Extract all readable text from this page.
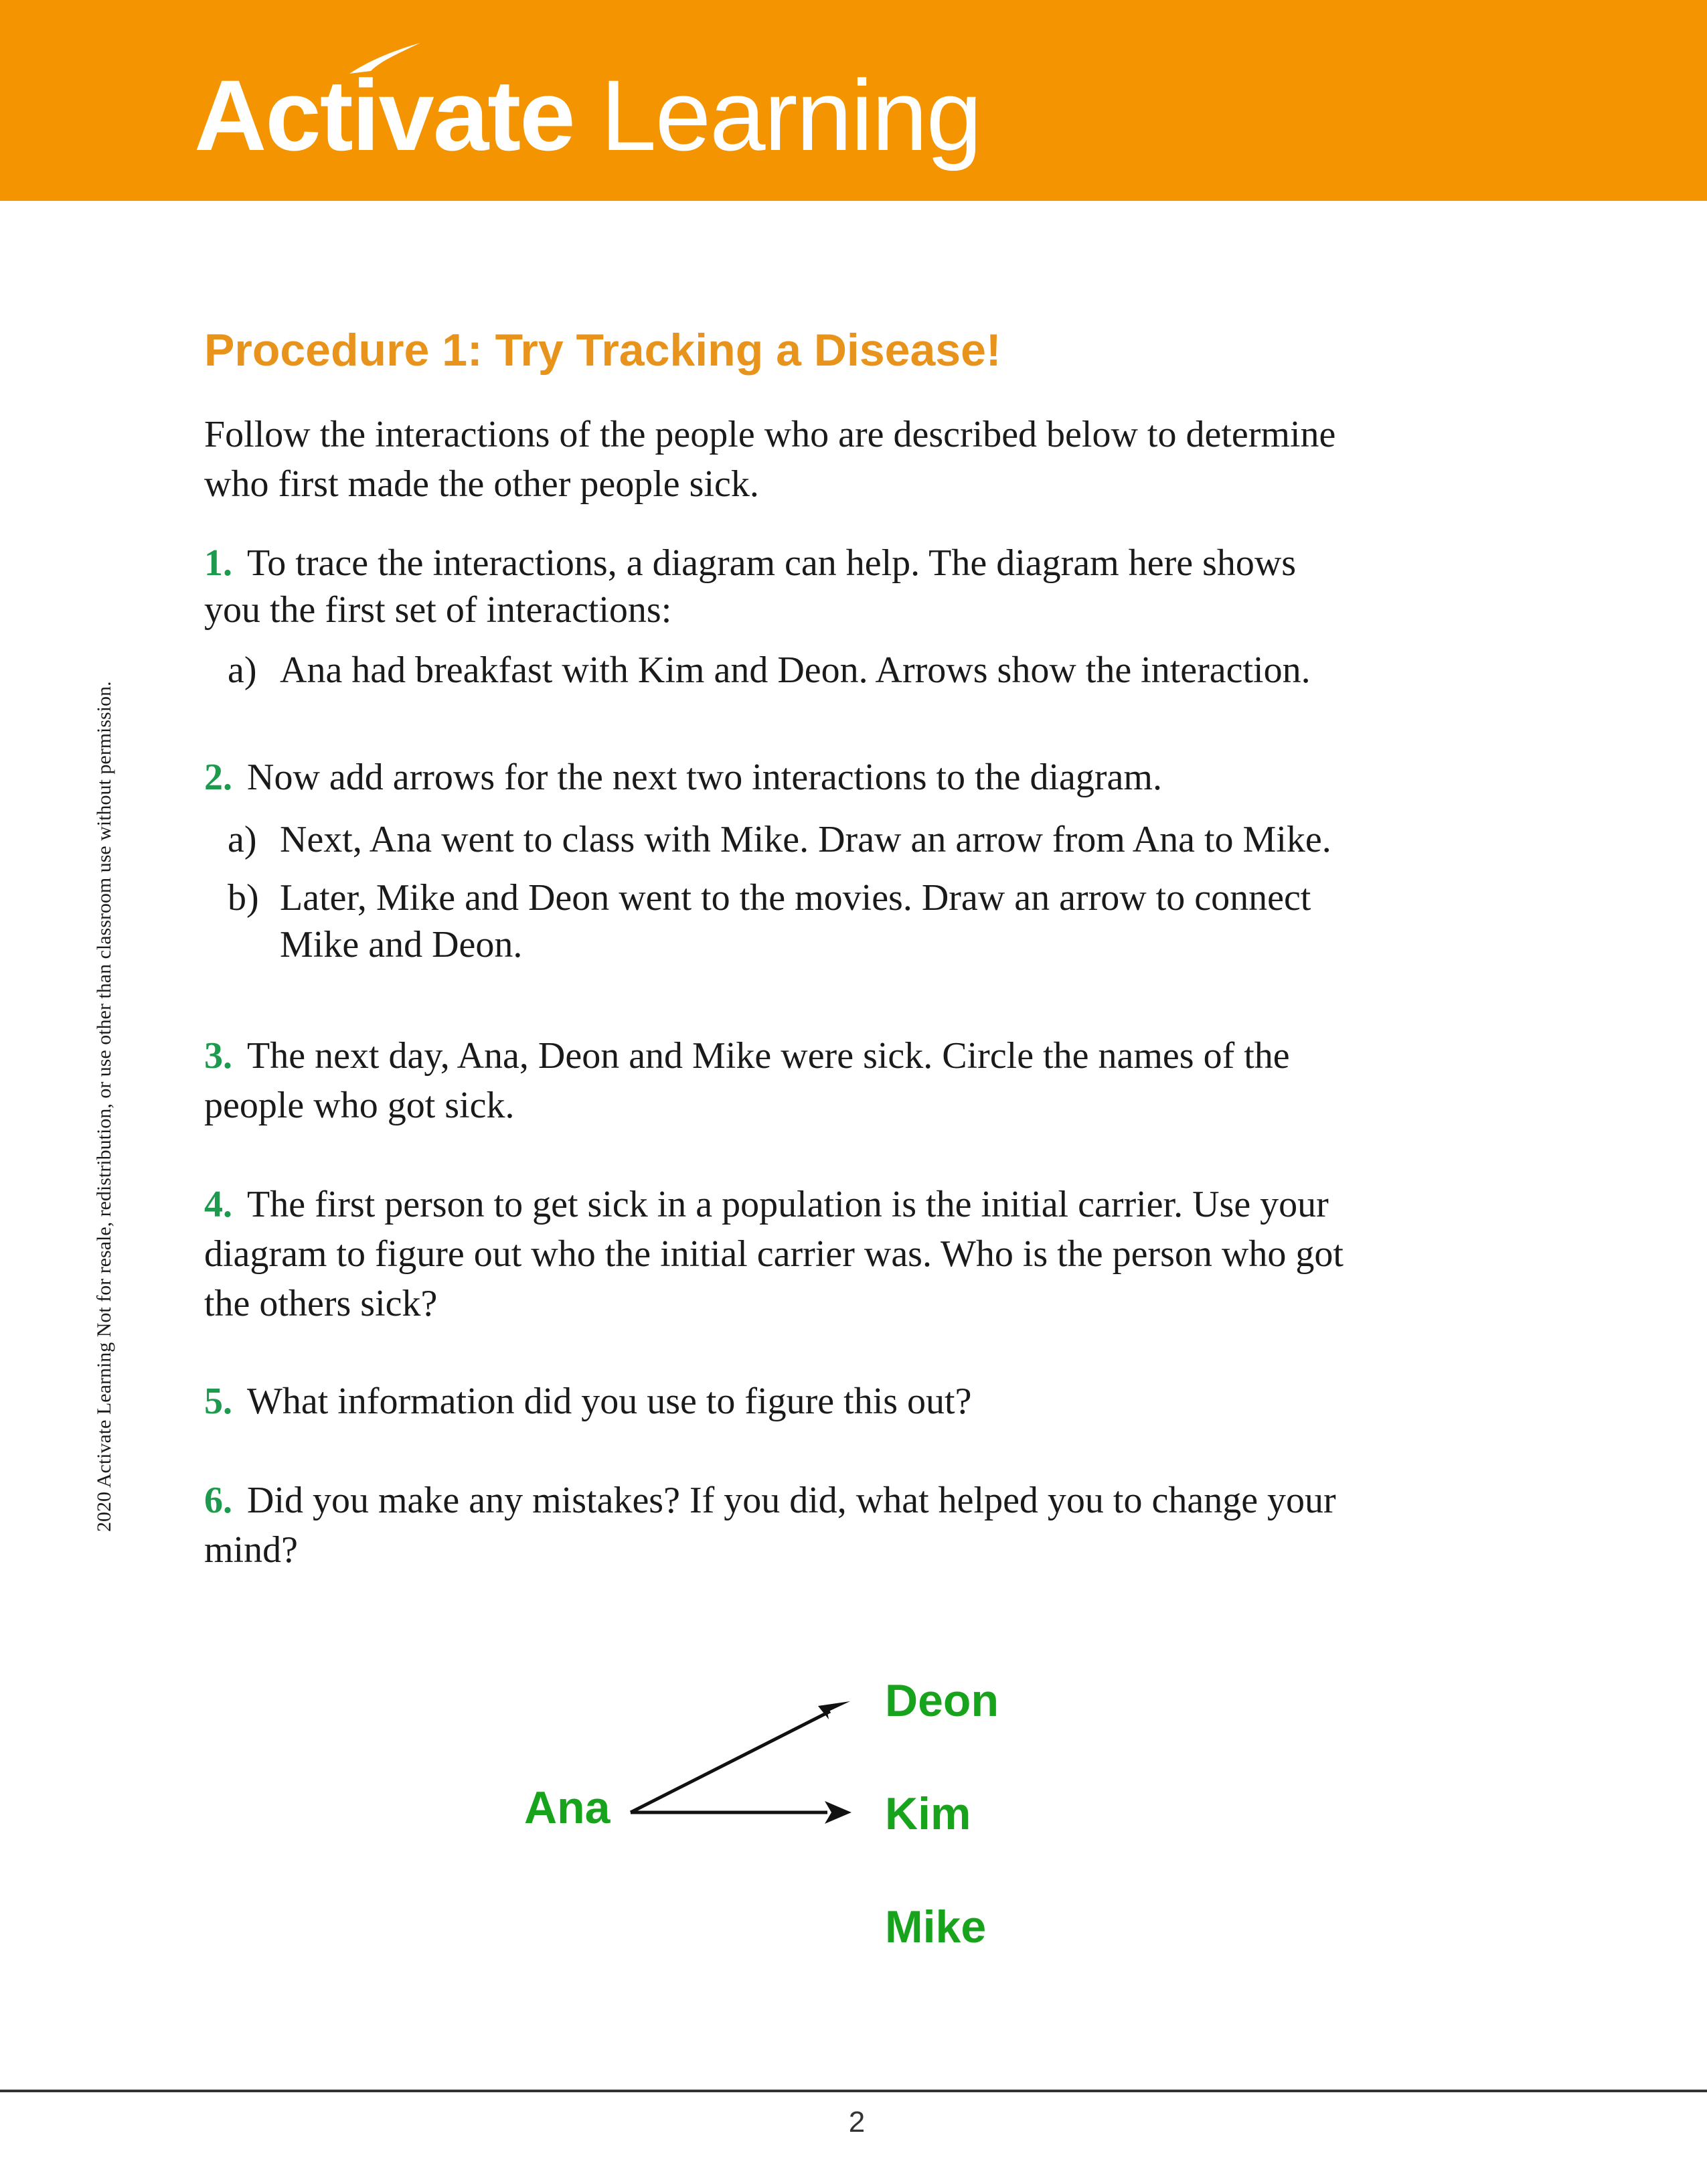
Activate Learning
Procedure 1: Try Tracking a Disease!

Follow the interactions of the people who are described below to determine

who first made the other people sick.

1. To trace the interactions, a diagram can help. The diagram here shows

you the first set of interactions:

a) Ana had breakfast with Kim and Deon. Arrows show the interaction.

2. Now add arrows for the next two interactions to the diagram.

a) Next, Ana went to class with Mike. Draw an arrow from Ana to Mike.

b) Later, Mike and Deon went to the movies. Draw an arrow to connect

Mike and Deon.

3. The next day, Ana, Deon and Mike were sick. Circle the names of the

people who got sick.

4. The first person to get sick in a population is the initial carrier. Use your

diagram to figure out who the initial carrier was. Who is the person who got

the others sick?

5. What information did you use to figure this out?

6. Did you make any mistakes? If you did, what helped you to change your

mind?

Ana

Deon

Kim

Mike

2020 Activate Learning Not for resale, redistribution, or use other than classroom use without permission.
2
